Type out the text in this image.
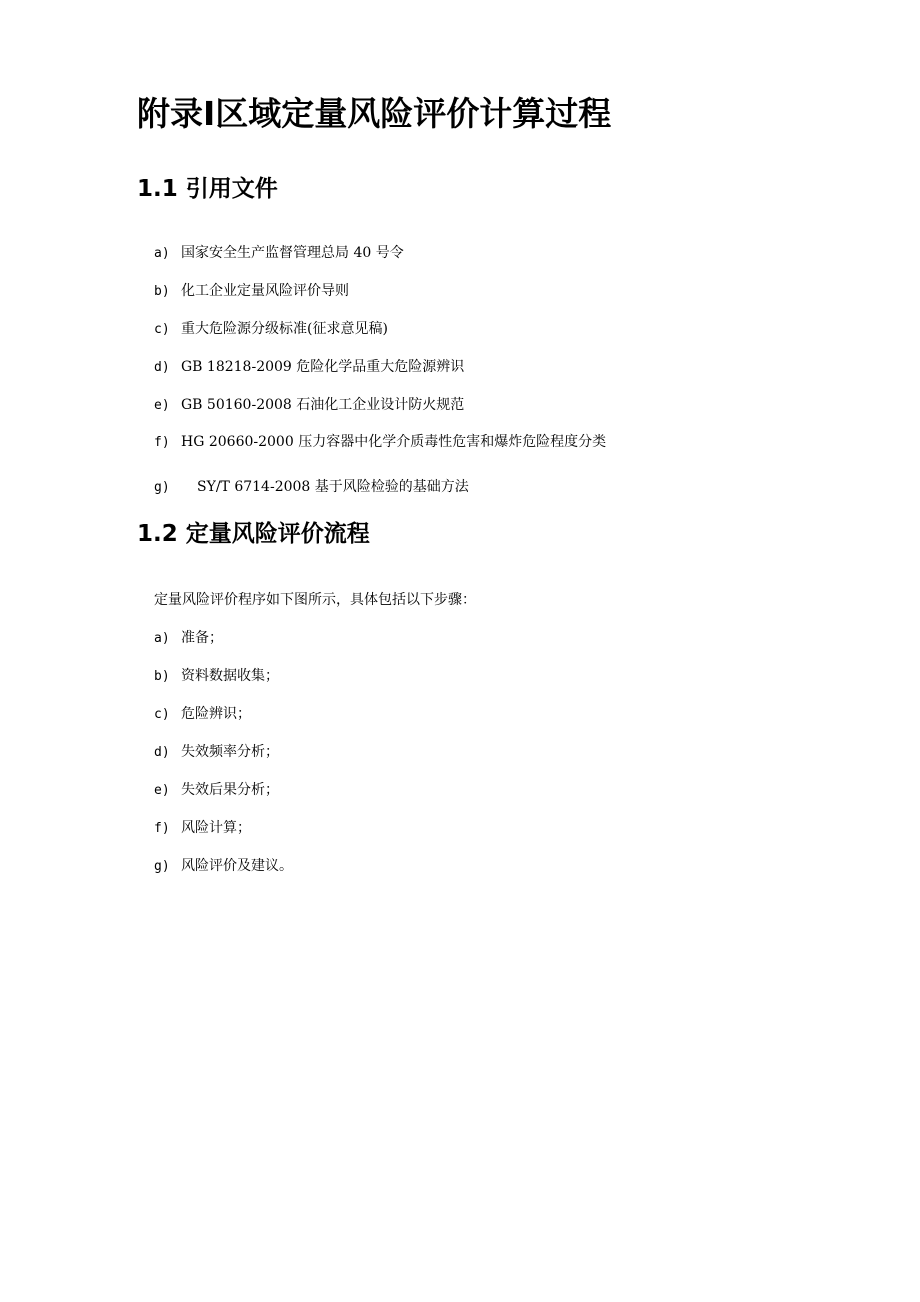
附录Ⅰ区域定量风险评价计算过程
1.1 引用文件
a) 国家安全生产监督管理总局 40 号令
b) 化工企业定量风险评价导则
c) 重大危险源分级标准(征求意见稿)
d) GB 18218-2009 危险化学品重大危险源辨识
e) GB 50160-2008 石油化工企业设计防火规范
f) HG 20660-2000 压力容器中化学介质毒性危害和爆炸危险程度分类
g) SY/T 6714-2008 基于风险检验的基础方法
1.2 定量风险评价流程

定量风险评价程序如下图所示，具体包括以下步骤：

a) 准备；
b) 资料数据收集；
c) 危险辨识；
d) 失效频率分析；
e) 失效后果分析；
f) 风险计算；
g) 风险评价及建议。
